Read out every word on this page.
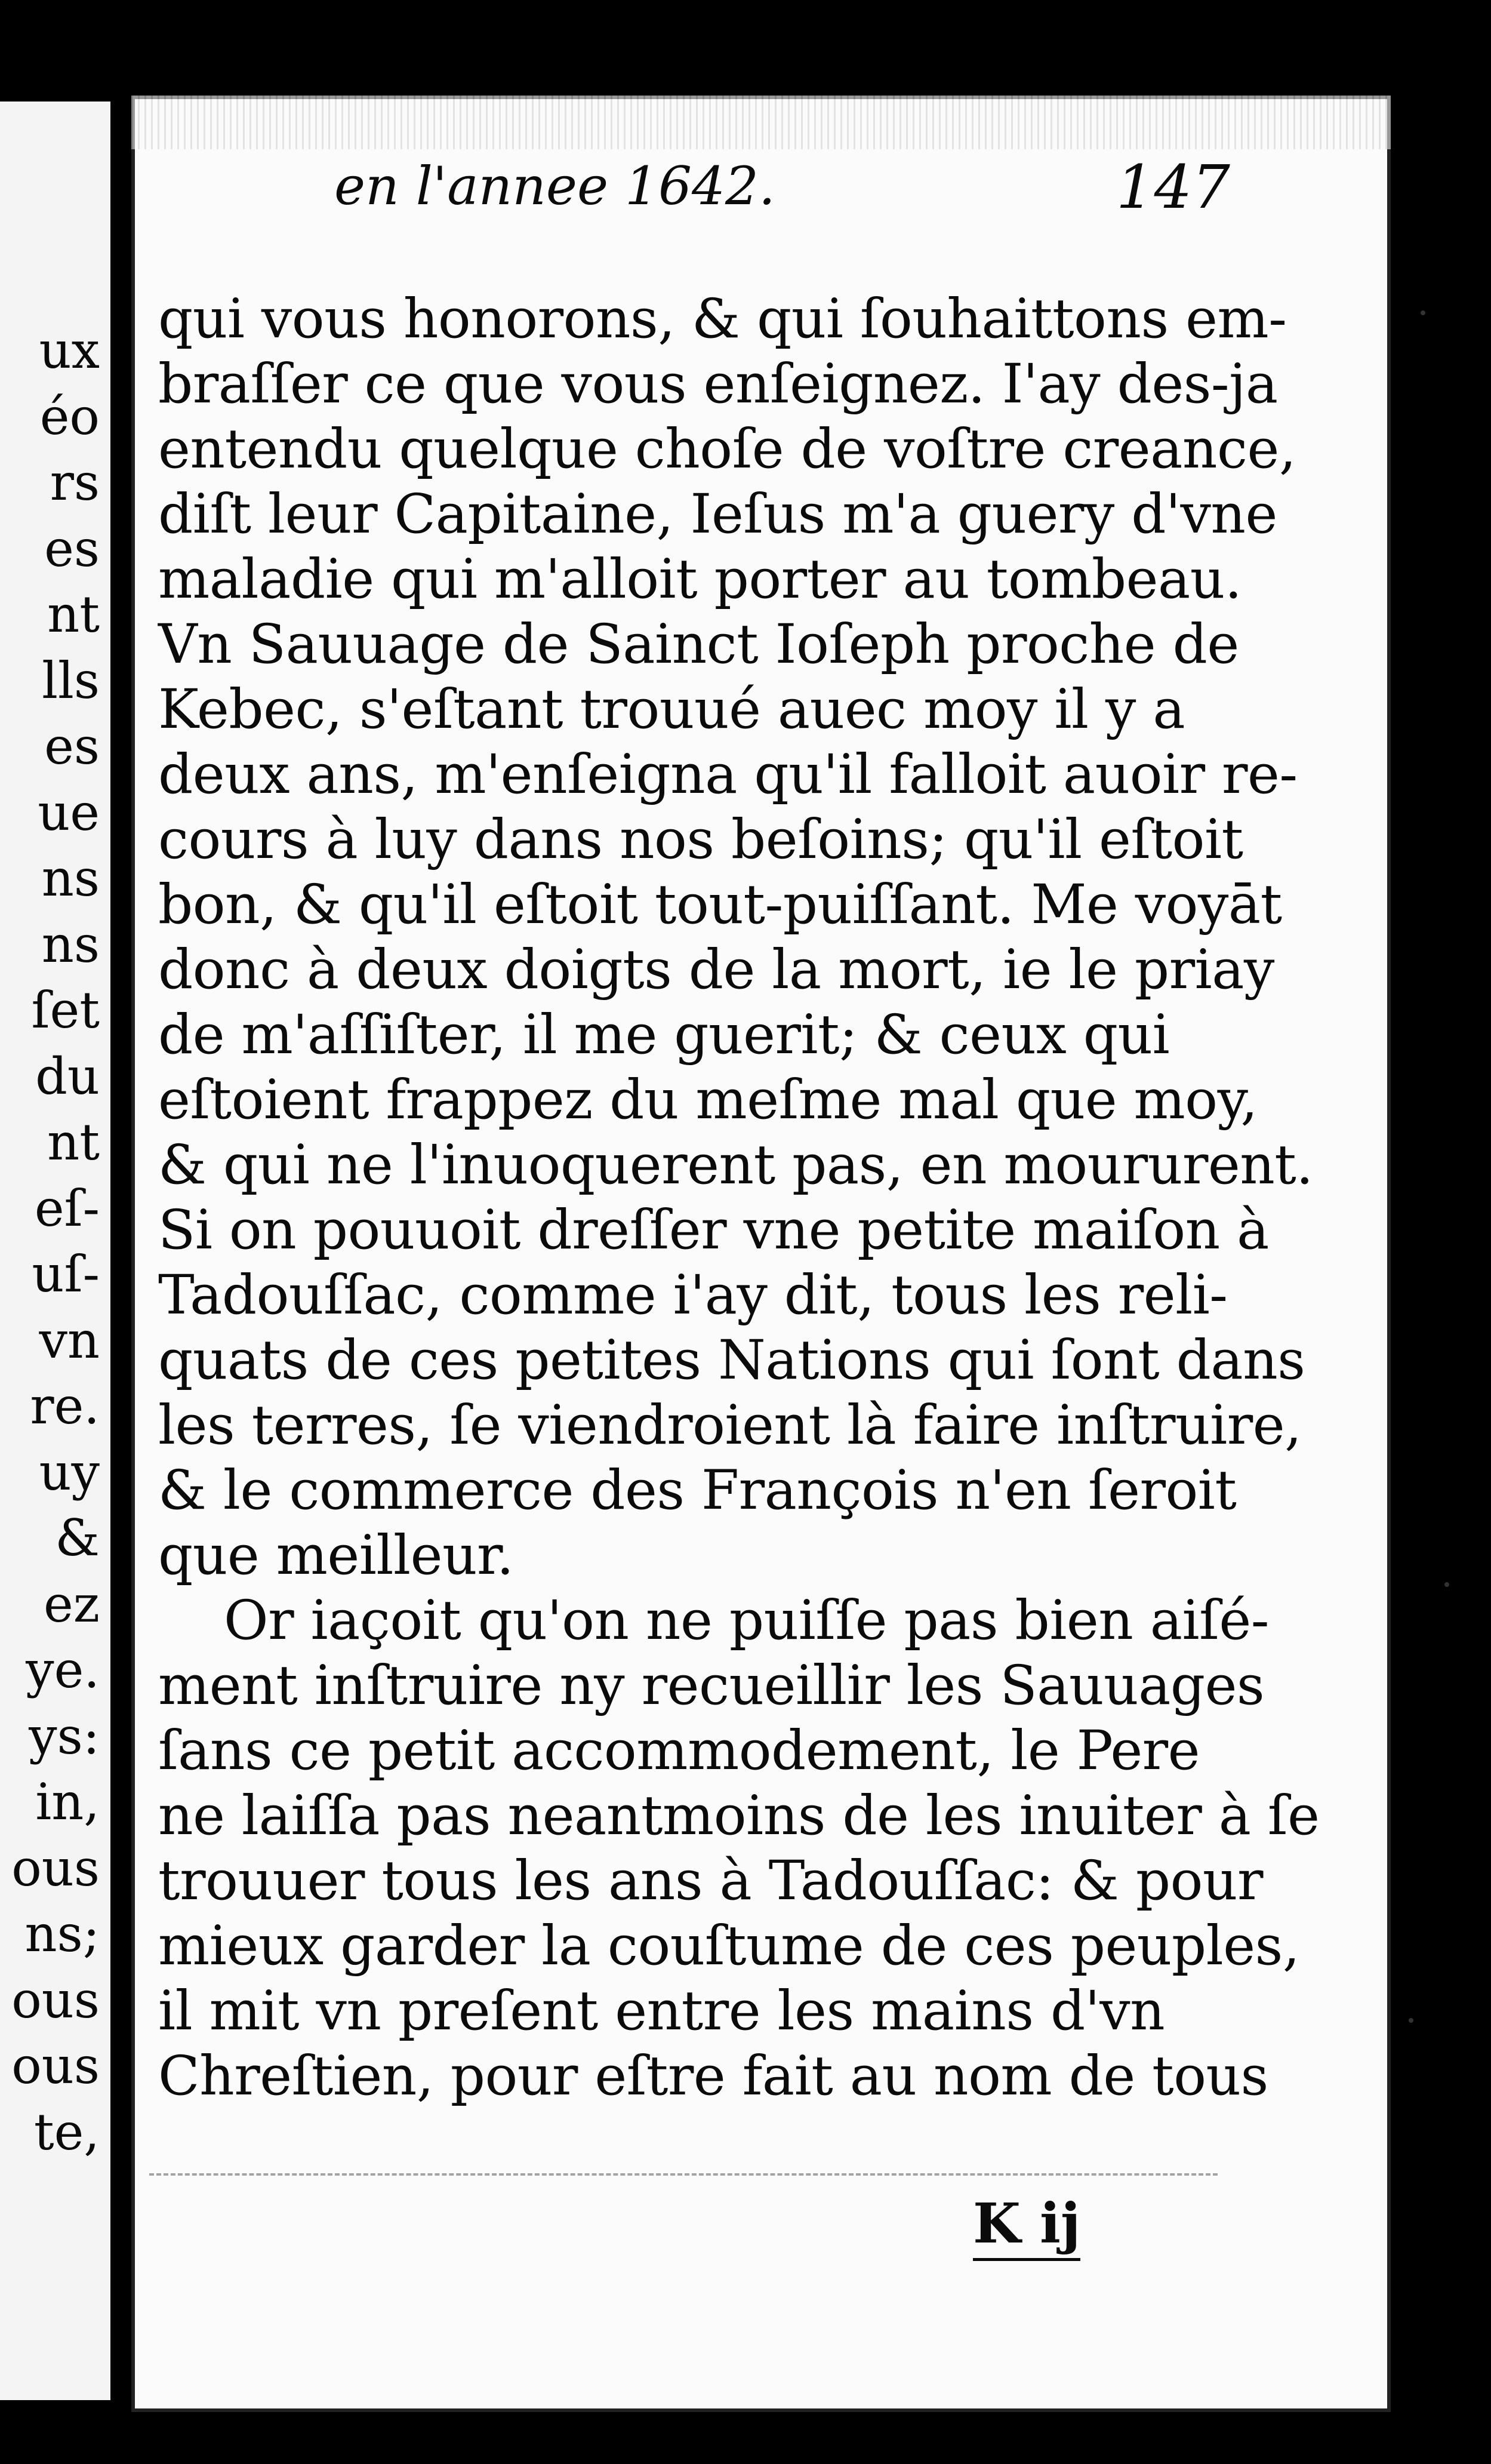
ux
éo
rs
es
nt
lls
es
ue
ns
ns
ſet
du
nt
eſ-
uſ-
vn
re.
uy
&
ez
ye.
ys:
in,
ous
ns;
ous
ous
te,
en l'annee 1642.	147
qui vous honorons, & qui ſouhaittons em-
braſſer ce que vous enſeignez. I'ay des-ja
entendu quelque choſe de voſtre creance,
diſt leur Capitaine, Ieſus m'a guery d'vne
maladie qui m'alloit porter au tombeau.
Vn Sauuage de Sainct Ioſeph proche de
Kebec, s'eſtant trouué auec moy il y a
deux ans, m'enſeigna qu'il falloit auoir re-
cours à luy dans nos beſoins; qu'il eſtoit
bon, & qu'il eſtoit tout-puiſſant. Me voyāt
donc à deux doigts de la mort, ie le priay
de m'aſſiſter, il me guerit; & ceux qui
eſtoient frappez du meſme mal que moy,
& qui ne l'inuoquerent pas, en moururent.
Si on pouuoit dreſſer vne petite maiſon à
Tadouſſac, comme i'ay dit, tous les reli-
quats de ces petites Nations qui ſont dans
les terres, ſe viendroient là faire inſtruire,
& le commerce des François n'en ſeroit
que meilleur.
Or iaçoit qu'on ne puiſſe pas bien aiſé-
ment inſtruire ny recueillir les Sauuages
ſans ce petit accommodement, le Pere
ne laiſſa pas neantmoins de les inuiter à ſe
trouuer tous les ans à Tadouſſac: & pour
mieux garder la couſtume de ces peuples,
il mit vn preſent entre les mains d'vn
Chreſtien, pour eſtre fait au nom de tous
K ij
